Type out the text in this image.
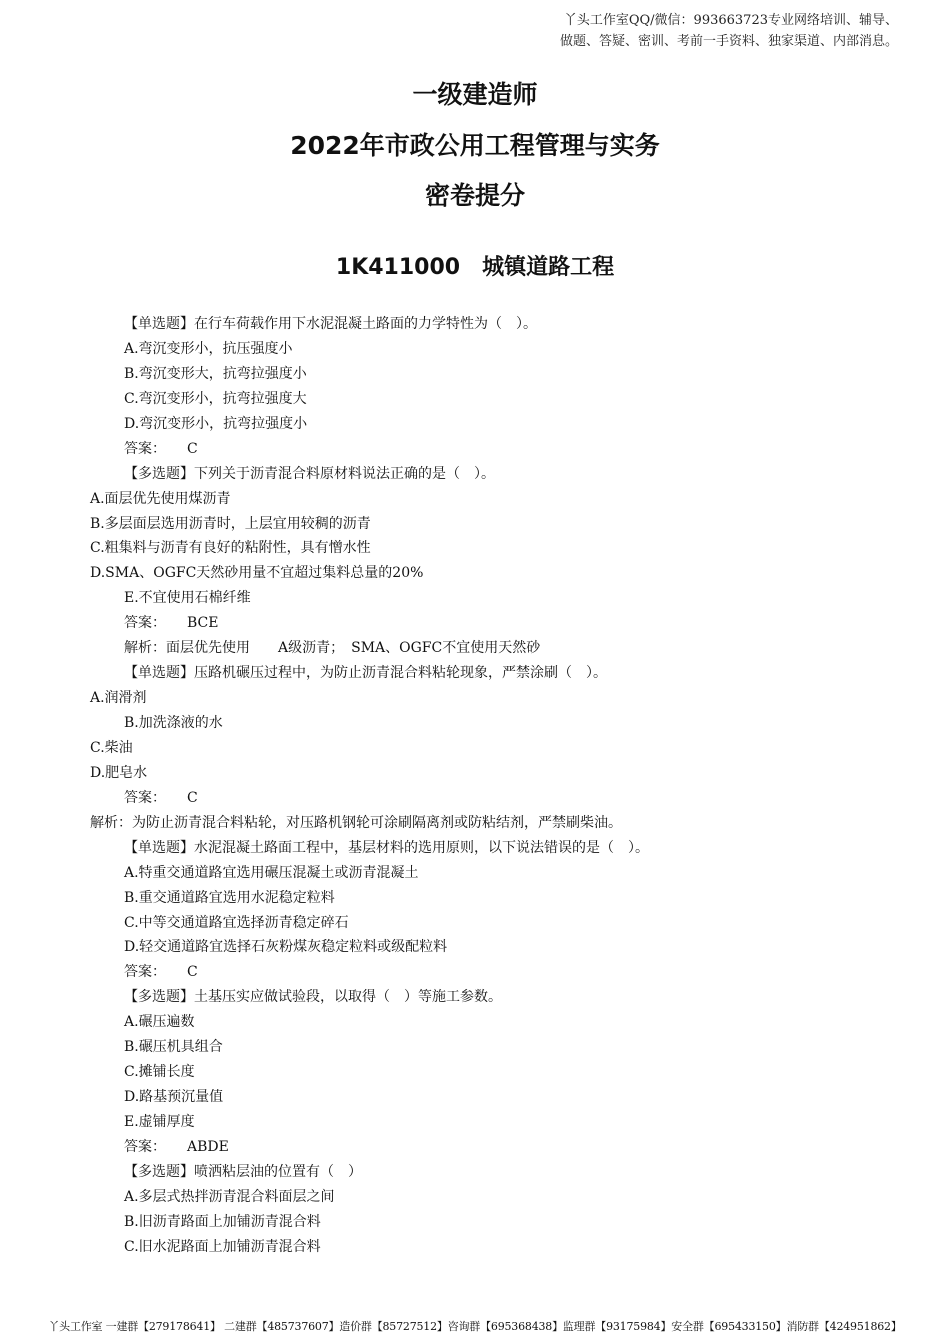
丫头工作室QQ/微信：993663723专业网络培训、辅导、
做题、答疑、密训、考前一手资料、独家渠道、内部消息。
一级建造师
2022年市政公用工程管理与实务
密卷提分
1K411000　城镇道路工程
【单选题】在行车荷载作用下水泥混凝土路面的力学特性为（　）。
A.弯沉变形小，抗压强度小
B.弯沉变形大，抗弯拉强度小
C.弯沉变形小，抗弯拉强度大
D.弯沉变形小，抗弯拉强度小
答案：　　C
【多选题】下列关于沥青混合料原材料说法正确的是（　）。
A.面层优先使用煤沥青
B.多层面层选用沥青时，上层宜用较稠的沥青
C.粗集料与沥青有良好的粘附性，具有憎水性
D.SMA、OGFC天然砂用量不宜超过集料总量的20%
E.不宜使用石棉纤维
答案：　　BCE
解析：面层优先使用　　A级沥青；　SMA、OGFC不宜使用天然砂
【单选题】压路机碾压过程中，为防止沥青混合料粘轮现象，严禁涂刷（　）。
A.润滑剂
B.加洗涤液的水
C.柴油
D.肥皂水
答案：　　C
解析：为防止沥青混合料粘轮，对压路机钢轮可涂刷隔离剂或防粘结剂，严禁刷柴油。
【单选题】水泥混凝土路面工程中，基层材料的选用原则，以下说法错误的是（　）。
A.特重交通道路宜选用碾压混凝土或沥青混凝土
B.重交通道路宜选用水泥稳定粒料
C.中等交通道路宜选择沥青稳定碎石
D.轻交通道路宜选择石灰粉煤灰稳定粒料或级配粒料
答案：　　C
【多选题】土基压实应做试验段，以取得（　）等施工参数。
A.碾压遍数
B.碾压机具组合
C.摊铺长度
D.路基预沉量值
E.虚铺厚度
答案：　　ABDE
【多选题】喷洒粘层油的位置有（　）
A.多层式热拌沥青混合料面层之间
B.旧沥青路面上加铺沥青混合料
C.旧水泥路面上加铺沥青混合料
丫头工作室 一建群【279178641】 二建群【485737607】造价群【85727512】咨询群【695368438】监理群【93175984】安全群【695433150】消防群【424951862】
